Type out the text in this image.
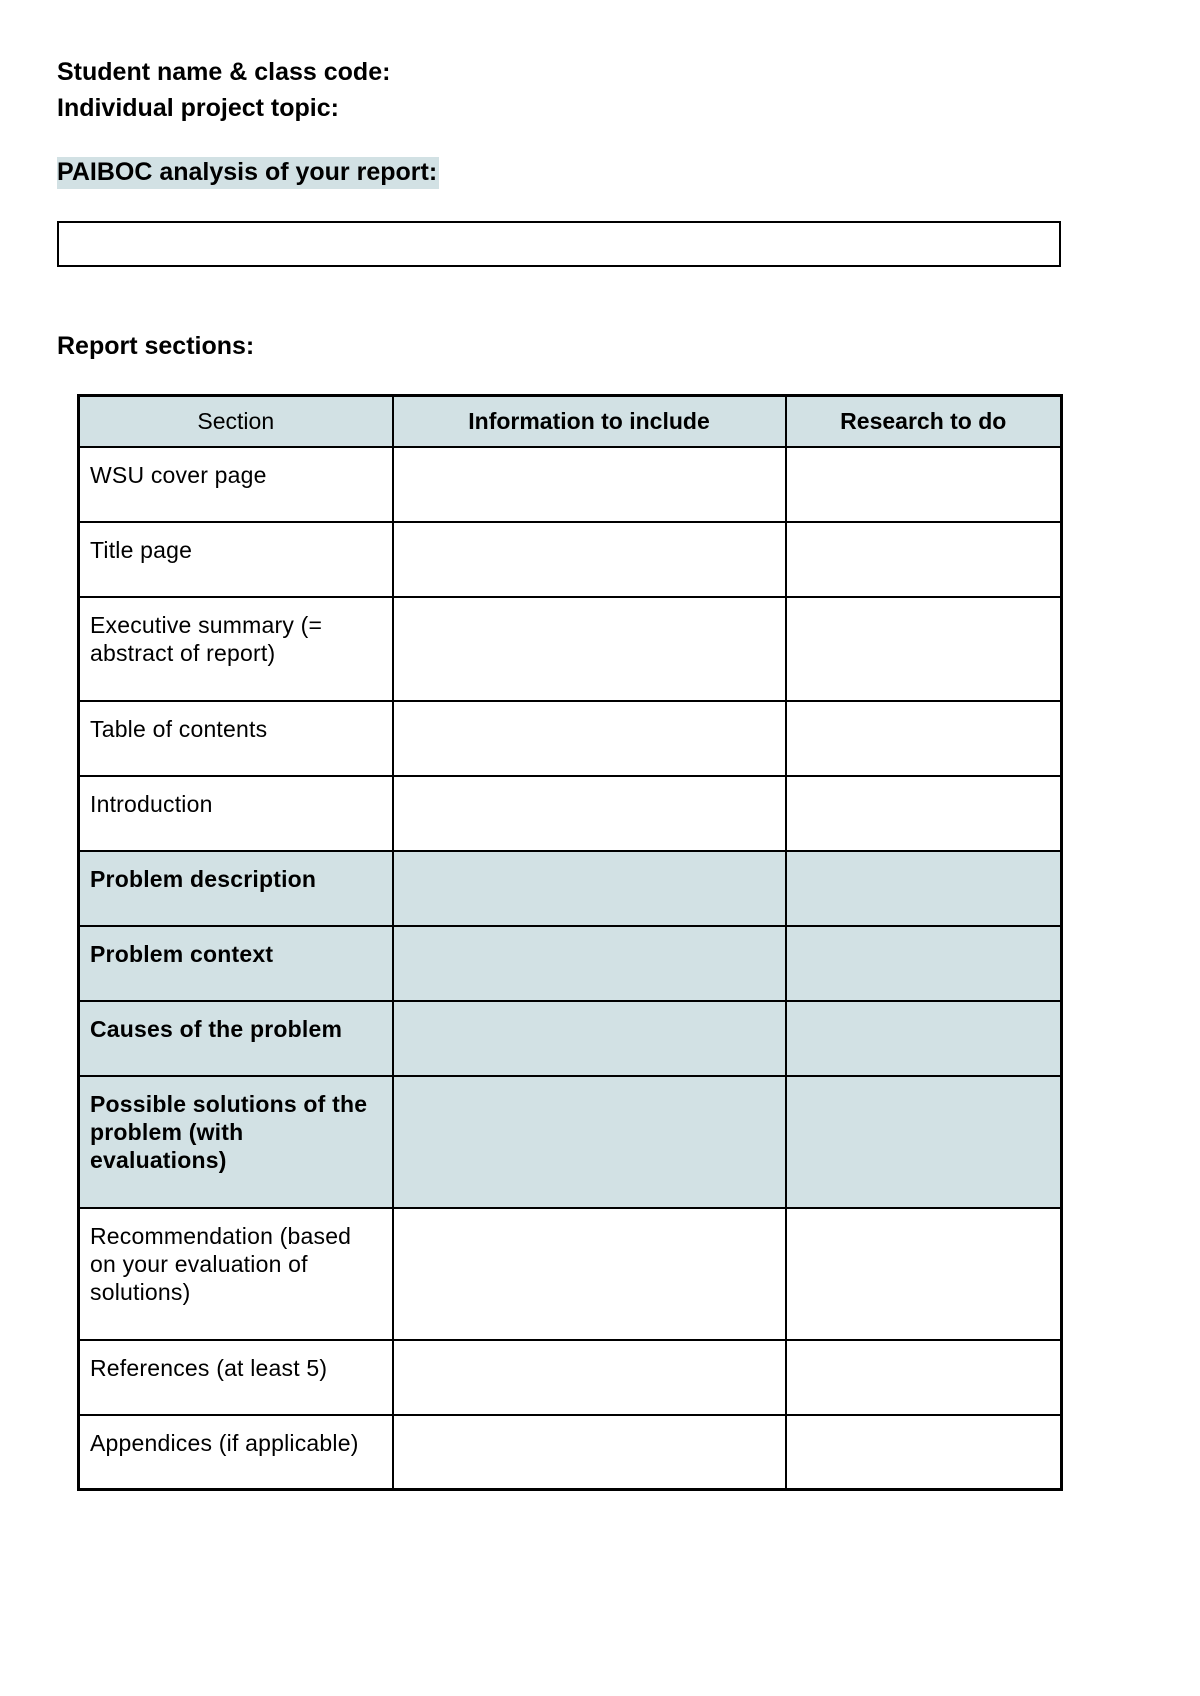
Student name & class code:
Individual project topic:
PAIBOC analysis of your report:
Report sections:
Section	Information to include	Research to do
WSU cover page		
Title page		
Executive summary (= abstract of report)		
Table of contents		
Introduction		
Problem description		
Problem context		
Causes of the problem		
Possible solutions of the problem (with evaluations)		
Recommendation (based on your evaluation of solutions)		
References (at least 5)		
Appendices (if applicable)		
